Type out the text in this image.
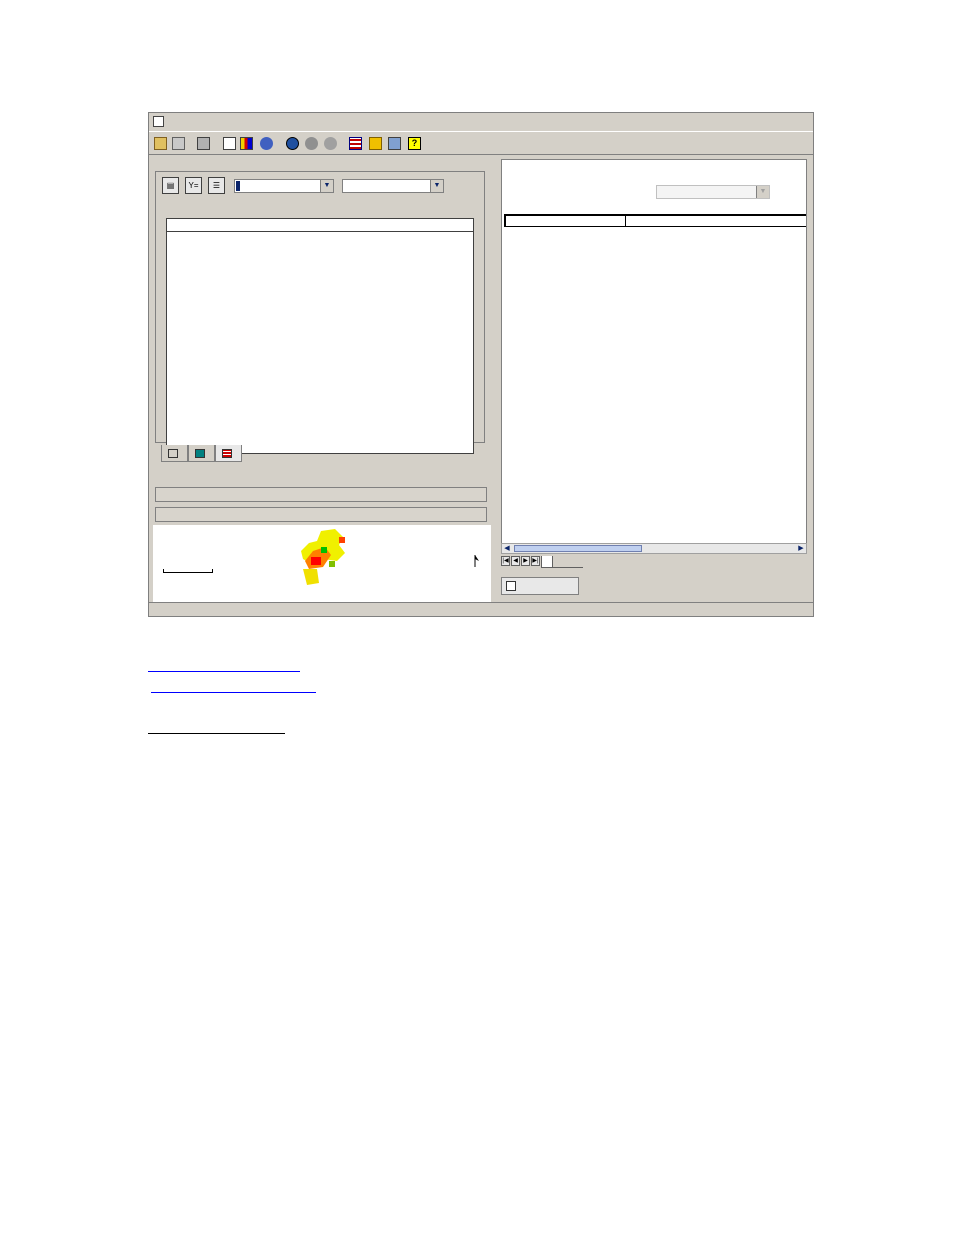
?
▤	Y=	☰	▼	▼
▼
◀	▶
|◀ ◀ ▶ ▶|
